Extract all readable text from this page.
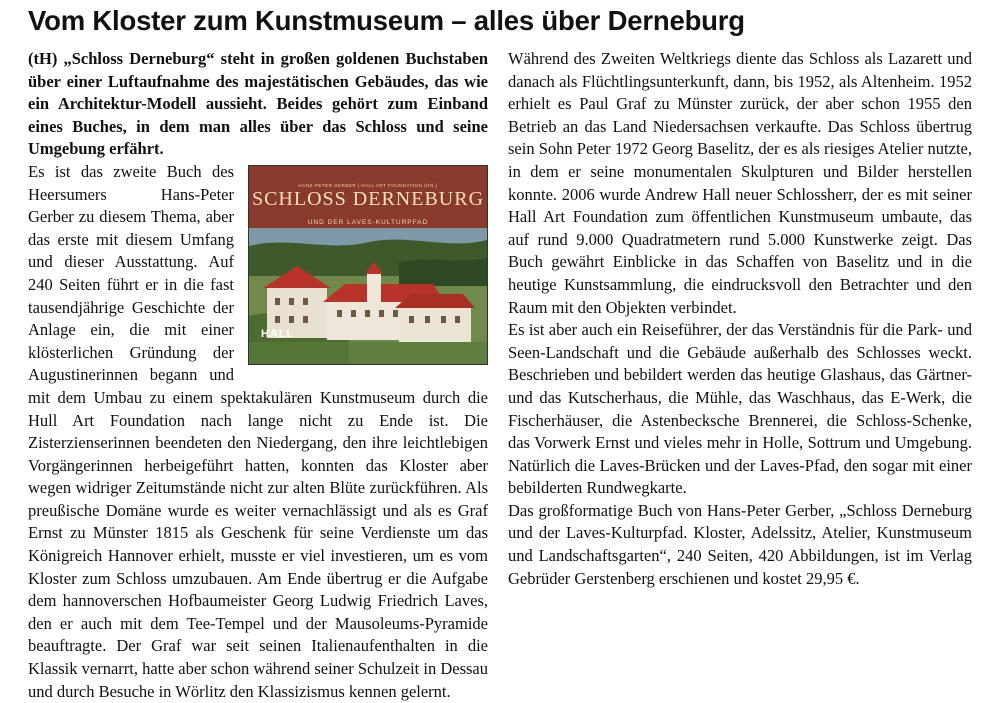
Vom Kloster zum Kunstmuseum – alles über Derneburg

(tH) „Schloss Derneburg“ steht in großen goldenen Buchstaben über einer Luftaufnahme des majestätischen Gebäudes, das wie ein Architektur-Modell aussieht. Beides gehört zum Einband eines Buches, in dem man alles über das Schloss und seine Umgebung erfährt.

HANS-PETER GERBER | HALL ART FOUNDATION (HG.)
SCHLOSS DERNEBURG
UND DER LAVES-KULTURPFAD
HALL

Es ist das zweite Buch des Heersumers Hans-Peter Gerber zu diesem Thema, aber das erste mit diesem Umfang und dieser Ausstattung. Auf 240 Seiten führt er in die fast tausendjährige Geschichte der Anlage ein, die mit einer klösterlichen Gründung der Augustinerinnen begann und mit dem Umbau zu einem spektakulären Kunstmuseum durch die Hull Art Foundation nach lange nicht zu Ende ist. Die Zisterzienserinnen beendeten den Niedergang, den ihre leichtlebigen Vorgängerinnen herbeigeführt hatten, konnten das Kloster aber wegen widriger Zeitumstände nicht zur alten Blüte zurückführen. Als preußische Domäne wurde es weiter vernachlässigt und als es Graf Ernst zu Münster 1815 als Geschenk für seine Verdienste um das Königreich Hannover erhielt, musste er viel investieren, um es vom Kloster zum Schloss umzubauen. Am Ende übertrug er die Aufgabe dem hannoverschen Hofbaumeister Georg Ludwig Friedrich Laves, den er auch mit dem Tee-Tempel und der Mausoleums-Pyramide beauftragte. Der Graf war seit seinen Italienaufenthalten in die Klassik vernarrt, hatte aber schon während seiner Schulzeit in Dessau und durch Besuche in Wörlitz den Klassizismus kennen gelernt.

Während des Zweiten Weltkriegs diente das Schloss als Lazarett und danach als Flüchtlingsunterkunft, dann, bis 1952, als Altenheim. 1952 erhielt es Paul Graf zu Münster zurück, der aber schon 1955 den Betrieb an das Land Niedersachsen verkaufte. Das Schloss übertrug sein Sohn Peter 1972 Georg Baselitz, der es als riesiges Atelier nutzte, in dem er seine monumentalen Skulpturen und Bilder herstellen konnte. 2006 wurde Andrew Hall neuer Schlossherr, der es mit seiner Hall Art Foundation zum öffentlichen Kunstmuseum umbaute, das auf rund 9.000 Quadratmetern rund 5.000 Kunstwerke zeigt. Das Buch gewährt Einblicke in das Schaffen von Baselitz und in die heutige Kunstsammlung, die eindrucksvoll den Betrachter und den Raum mit den Objekten verbindet.

Es ist aber auch ein Reiseführer, der das Verständnis für die Park- und Seen-Landschaft und die Gebäude außerhalb des Schlosses weckt. Beschrieben und bebildert werden das heutige Glashaus, das Gärtner- und das Kutscherhaus, die Mühle, das Waschhaus, das E-Werk, die Fischerhäuser, die Astenbecksche Brennerei, die Schloss-Schenke, das Vorwerk Ernst und vieles mehr in Holle, Sottrum und Umgebung. Natürlich die Laves-Brücken und der Laves-Pfad, den sogar mit einer bebilderten Rundwegkarte.

Das großformatige Buch von Hans-Peter Gerber, „Schloss Derneburg und der Laves-Kulturpfad. Kloster, Adelssitz, Atelier, Kunstmuseum und Landschaftsgarten“, 240 Seiten, 420 Abbildungen, ist im Verlag Gebrüder Gerstenberg erschienen und kostet 29,95 €.
